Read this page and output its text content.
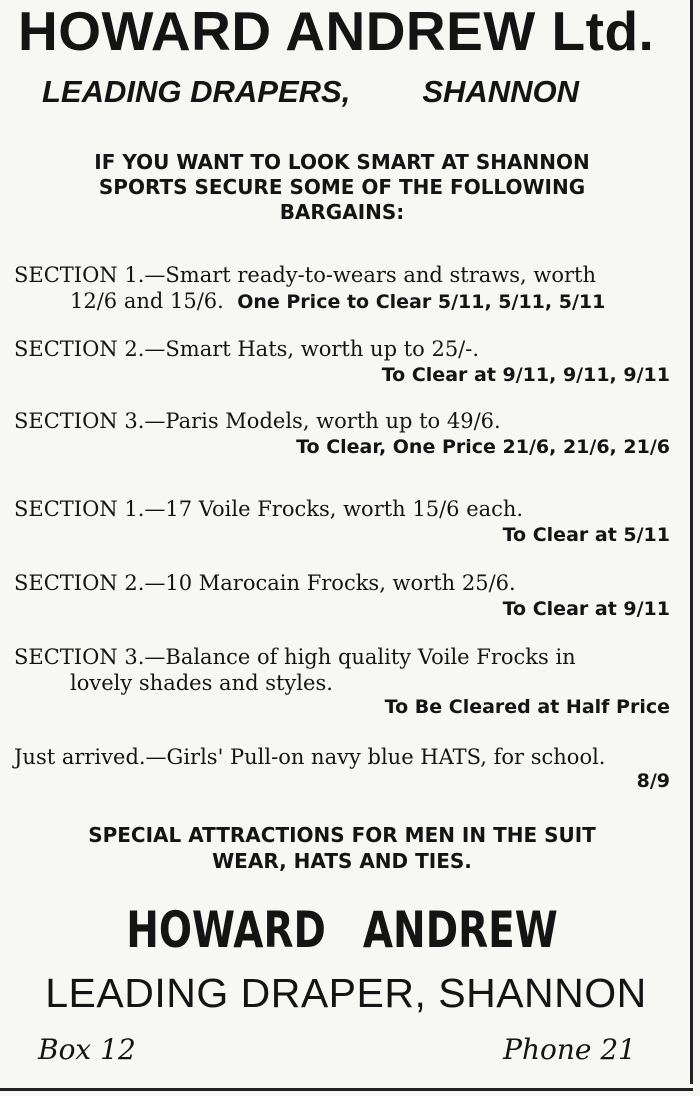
HOWARD ANDREW Ltd.
LEADING DRAPERS, SHANNON
IF YOU WANT TO LOOK SMART AT SHANNON
SPORTS SECURE SOME OF THE FOLLOWING
BARGAINS:
SECTION 1.—Smart ready-to-wears and straws, worth
12/6 and 15/6. One Price to Clear 5/11, 5/11, 5/11
SECTION 2.—Smart Hats, worth up to 25/-.
To Clear at 9/11, 9/11, 9/11
SECTION 3.—Paris Models, worth up to 49/6.
To Clear, One Price 21/6, 21/6, 21/6
SECTION 1.—17 Voile Frocks, worth 15/6 each.
To Clear at 5/11
SECTION 2.—10 Marocain Frocks, worth 25/6.
To Clear at 9/11
SECTION 3.—Balance of high quality Voile Frocks in
lovely shades and styles.
To Be Cleared at Half Price
Just arrived.—Girls' Pull-on navy blue HATS, for school.
8/9
SPECIAL ATTRACTIONS FOR MEN IN THE SUIT
WEAR, HATS AND TIES.
HOWARD ANDREW
LEADING DRAPER, SHANNON
Box 12	Phone 21
